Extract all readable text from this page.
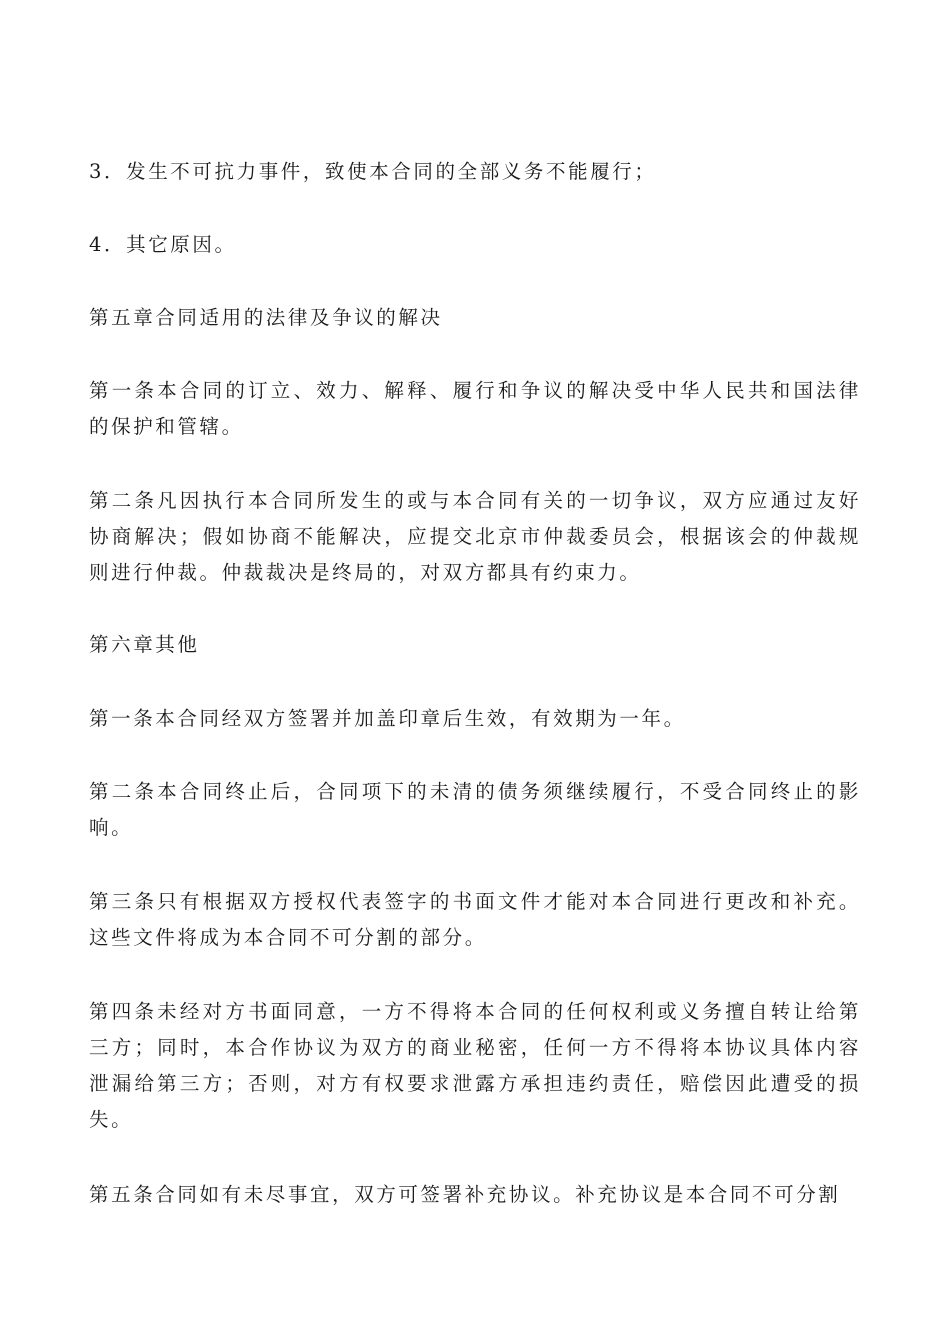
3．发生不可抗力事件，致使本合同的全部义务不能履行；

4．其它原因。

第五章合同适用的法律及争议的解决

第一条本合同的订立、效力、解释、履行和争议的解决受中华人民共和国法律的保护和管辖。

第二条凡因执行本合同所发生的或与本合同有关的一切争议，双方应通过友好协商解决；假如协商不能解决，应提交北京市仲裁委员会，根据该会的仲裁规则进行仲裁。仲裁裁决是终局的，对双方都具有约束力。

第六章其他

第一条本合同经双方签署并加盖印章后生效，有效期为一年。

第二条本合同终止后，合同项下的未清的债务须继续履行，不受合同终止的影响。

第三条只有根据双方授权代表签字的书面文件才能对本合同进行更改和补充。这些文件将成为本合同不可分割的部分。

第四条未经对方书面同意，一方不得将本合同的任何权利或义务擅自转让给第三方；同时，本合作协议为双方的商业秘密，任何一方不得将本协议具体内容泄漏给第三方；否则，对方有权要求泄露方承担违约责任，赔偿因此遭受的损失。

第五条合同如有未尽事宜，双方可签署补充协议。补充协议是本合同不可分割
